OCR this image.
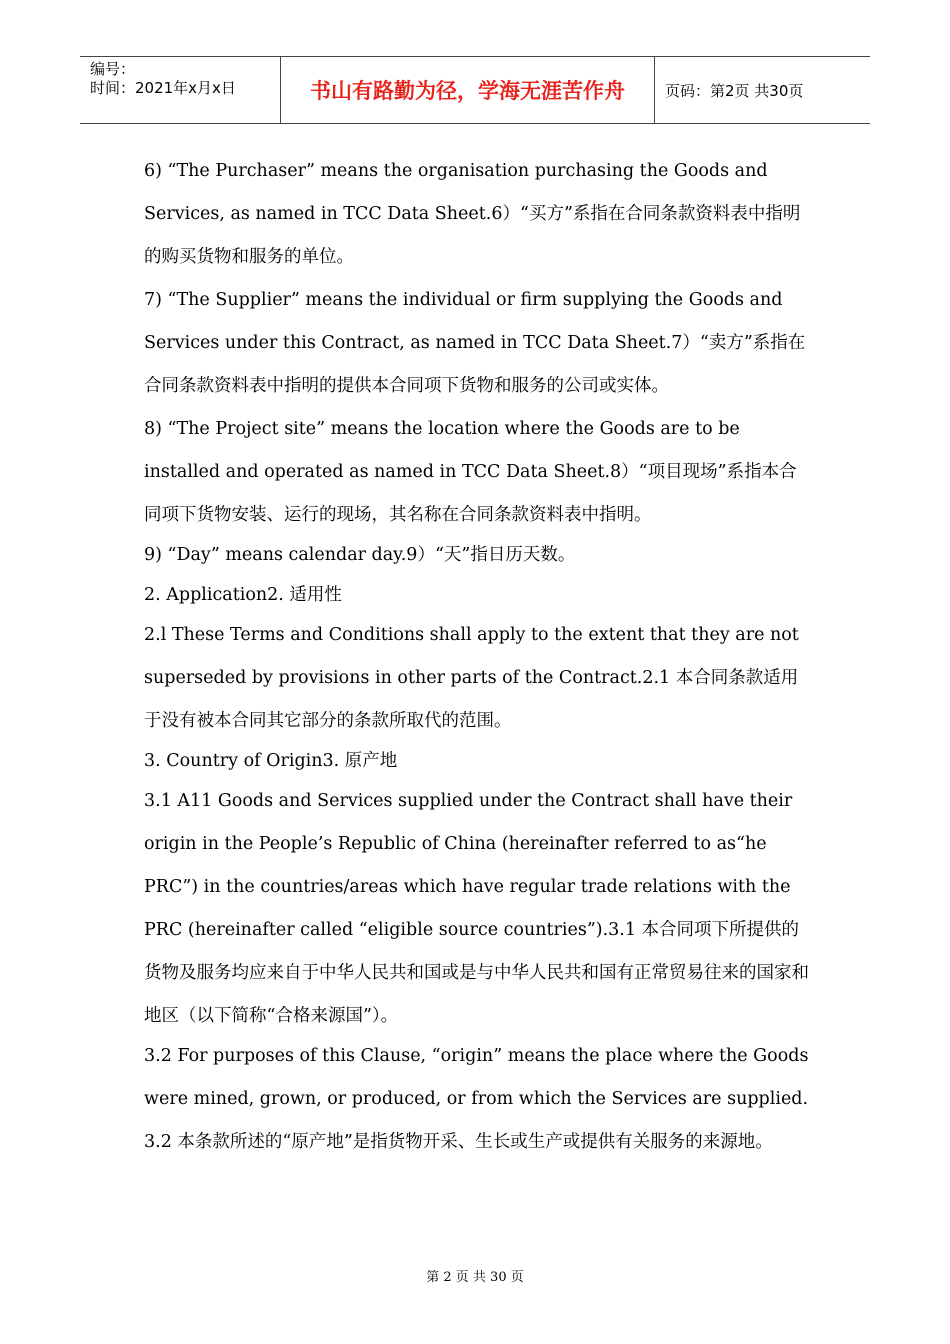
编号：
时间：2021年x月x日	书山有路勤为径，学海无涯苦作舟	页码：第2页 共30页

6) “The Purchaser” means the organisation purchasing the Goods and Services, as named in TCC Data Sheet.6）“买方”系指在合同条款资料表中指明的购买货物和服务的单位。

7) “The Supplier” means the individual or firm supplying the Goods and Services under this Contract, as named in TCC Data Sheet.7）“卖方”系指在合同条款资料表中指明的提供本合同项下货物和服务的公司或实体。

8) “The Project site” means the location where the Goods are to be installed and operated as named in TCC Data Sheet.8）“项目现场”系指本合同项下货物安装、运行的现场，其名称在合同条款资料表中指明。

9) “Day” means calendar day.9）“天”指日历天数。

2. Application2. 适用性

2.l These Terms and Conditions shall apply to the extent that they are not superseded by provisions in other parts of the Contract.2.1 本合同条款适用于没有被本合同其它部分的条款所取代的范围。

3. Country of Origin3. 原产地

3.1 A11 Goods and Services supplied under the Contract shall have their origin in the People’s Republic of China (hereinafter referred to as“he PRC”) in the countries/areas which have regular trade relations with the PRC (hereinafter called “eligible source countries”).3.1 本合同项下所提供的货物及服务均应来自于中华人民共和国或是与中华人民共和国有正常贸易往来的国家和地区（以下简称“合格来源国”）。

3.2 For purposes of this Clause, “origin” means the place where the Goods were mined, grown, or produced, or from which the Services are supplied. 3.2 本条款所述的“原产地”是指货物开采、生长或生产或提供有关服务的来源地。

第 2 页 共 30 页
